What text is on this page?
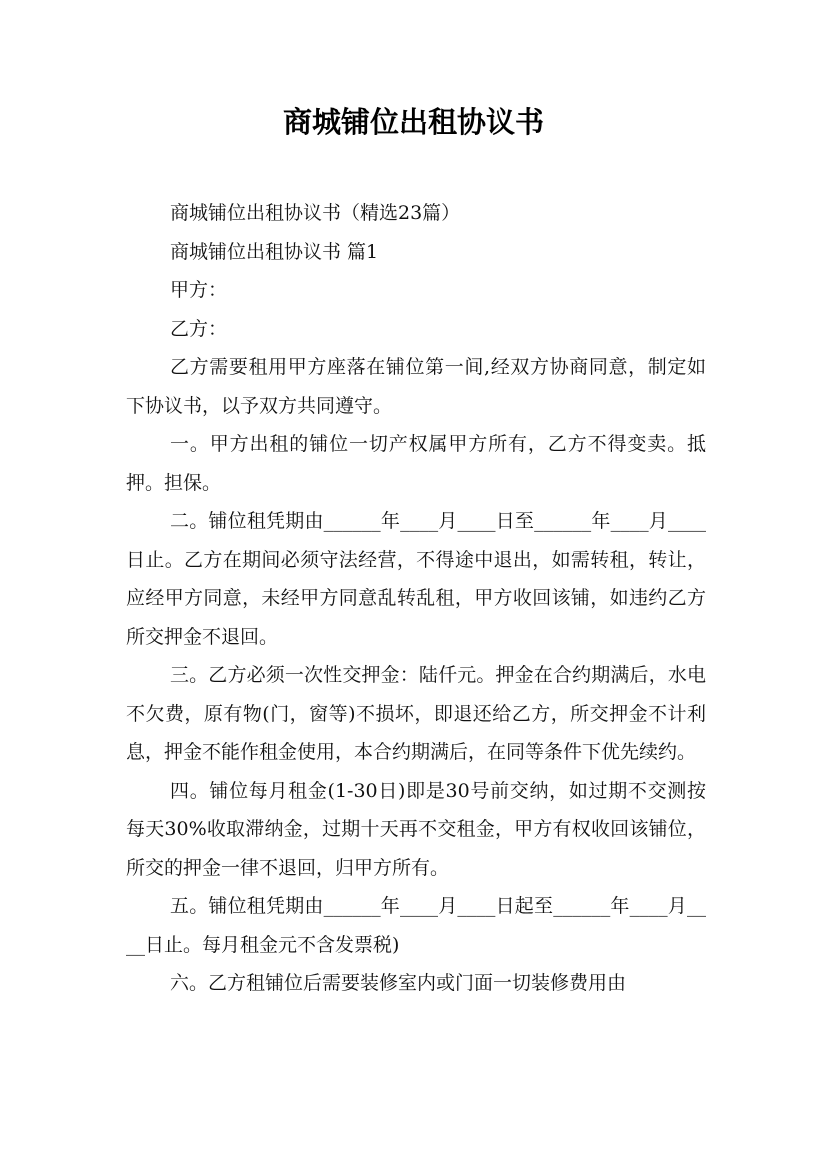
商城铺位出租协议书

商城铺位出租协议书（精选23篇）

商城铺位出租协议书 篇1

甲方：

乙方：

乙方需要租用甲方座落在铺位第一间,经双方协商同意，制定如下协议书，以予双方共同遵守。

一。甲方出租的铺位一切产权属甲方所有，乙方不得变卖。抵押。担保。

二。铺位租凭期由______年____月____日至______年____月____日止。乙方在期间必须守法经营，不得途中退出，如需转租，转让，应经甲方同意，未经甲方同意乱转乱租，甲方收回该铺，如违约乙方所交押金不退回。

三。乙方必须一次性交押金：陆仟元。押金在合约期满后，水电不欠费，原有物(门，窗等)不损坏，即退还给乙方，所交押金不计利息，押金不能作租金使用，本合约期满后，在同等条件下优先续约。

四。铺位每月租金(1-30日)即是30号前交纳，如过期不交测按每天30%收取滞纳金，过期十天再不交租金，甲方有权收回该铺位，所交的押金一律不退回，归甲方所有。

五。铺位租凭期由______年____月____日起至______年____月____日止。每月租金元不含发票税)

六。乙方租铺位后需要装修室内或门面一切装修费用由
